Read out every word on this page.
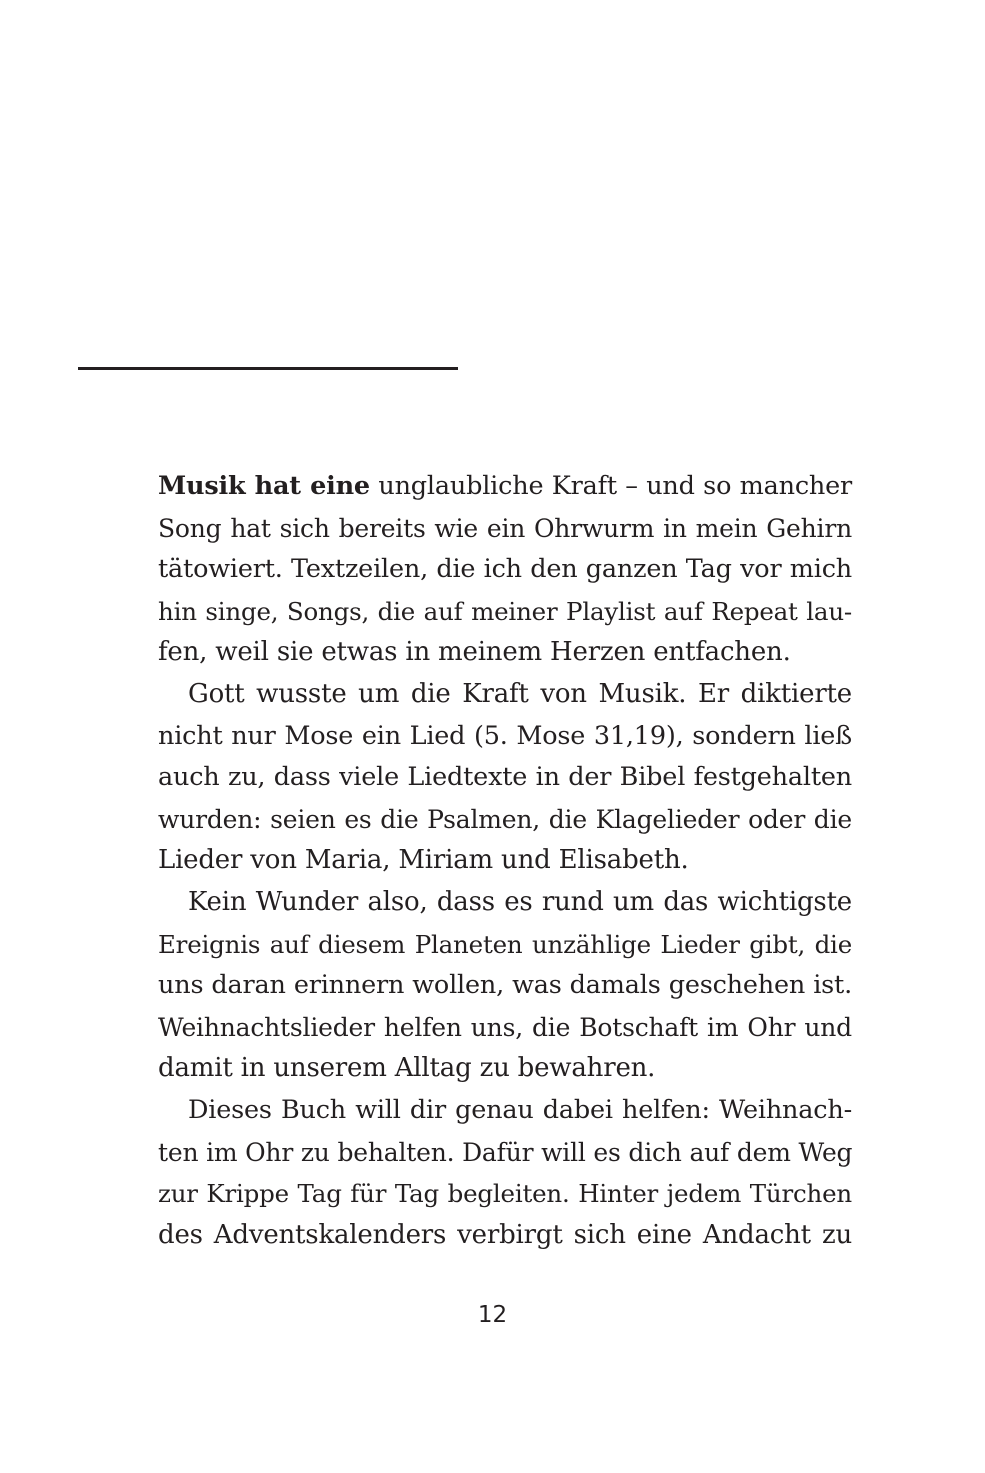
Musik hat eine unglaubliche Kraft – und so mancher
Song hat sich bereits wie ein Ohrwurm in mein Gehirn
tätowiert. Textzeilen, die ich den ganzen Tag vor mich
hin singe, Songs, die auf meiner Playlist auf Repeat lau-
fen, weil sie etwas in meinem Herzen entfachen.
Gott wusste um die Kraft von Musik. Er diktierte
nicht nur Mose ein Lied (5. Mose 31,19), sondern ließ
auch zu, dass viele Liedtexte in der Bibel festgehalten
wurden: seien es die Psalmen, die Klagelieder oder die
Lieder von Maria, Miriam und Elisabeth.
Kein Wunder also, dass es rund um das wichtigste
Ereignis auf diesem Planeten unzählige Lieder gibt, die
uns daran erinnern wollen, was damals geschehen ist.
Weihnachtslieder helfen uns, die Botschaft im Ohr und
damit in unserem Alltag zu bewahren.
Dieses Buch will dir genau dabei helfen: Weihnach-
ten im Ohr zu behalten. Dafür will es dich auf dem Weg
zur Krippe Tag für Tag begleiten. Hinter jedem Türchen
des Adventskalenders verbirgt sich eine Andacht zu
12
